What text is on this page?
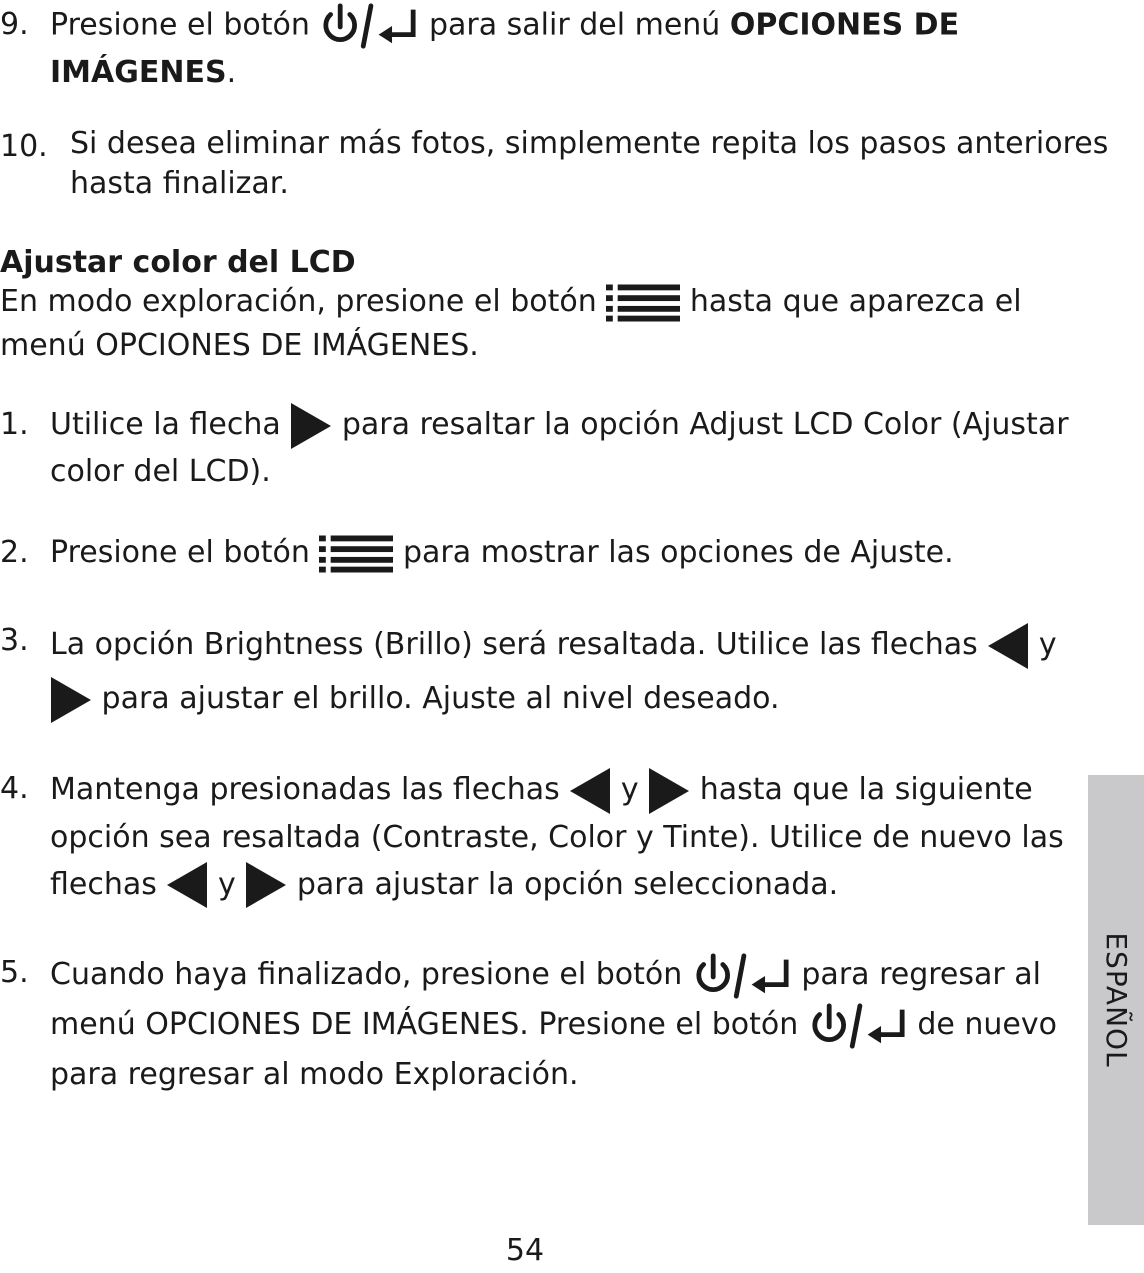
9. Presione el botón	para salir del menú OPCIONES DE
IMÁGENES.
10. Si desea eliminar más fotos, simplemente repita los pasos anteriores
hasta finalizar.
Ajustar color del LCD
En modo exploración, presione el botón	hasta que aparezca el
menú OPCIONES DE IMÁGENES.
1. Utilice la flecha para resaltar la opción Adjust LCD Color (Ajustar
color del LCD).
2. Presione el botón	para mostrar las opciones de Ajuste.
3. La opción Brightness (Brillo) será resaltada. Utilice las flechas y
para ajustar el brillo. Ajuste al nivel deseado.
4. Mantenga presionadas las flechas y hasta que la siguiente
opción sea resaltada (Contraste, Color y Tinte). Utilice de nuevo las
flechas y para ajustar la opción seleccionada.
5. Cuando haya finalizado, presione el botón	para regresar al
menú OPCIONES DE IMÁGENES. Presione el botón	de nuevo
para regresar al modo Exploración.
ESPAÑOL
54
